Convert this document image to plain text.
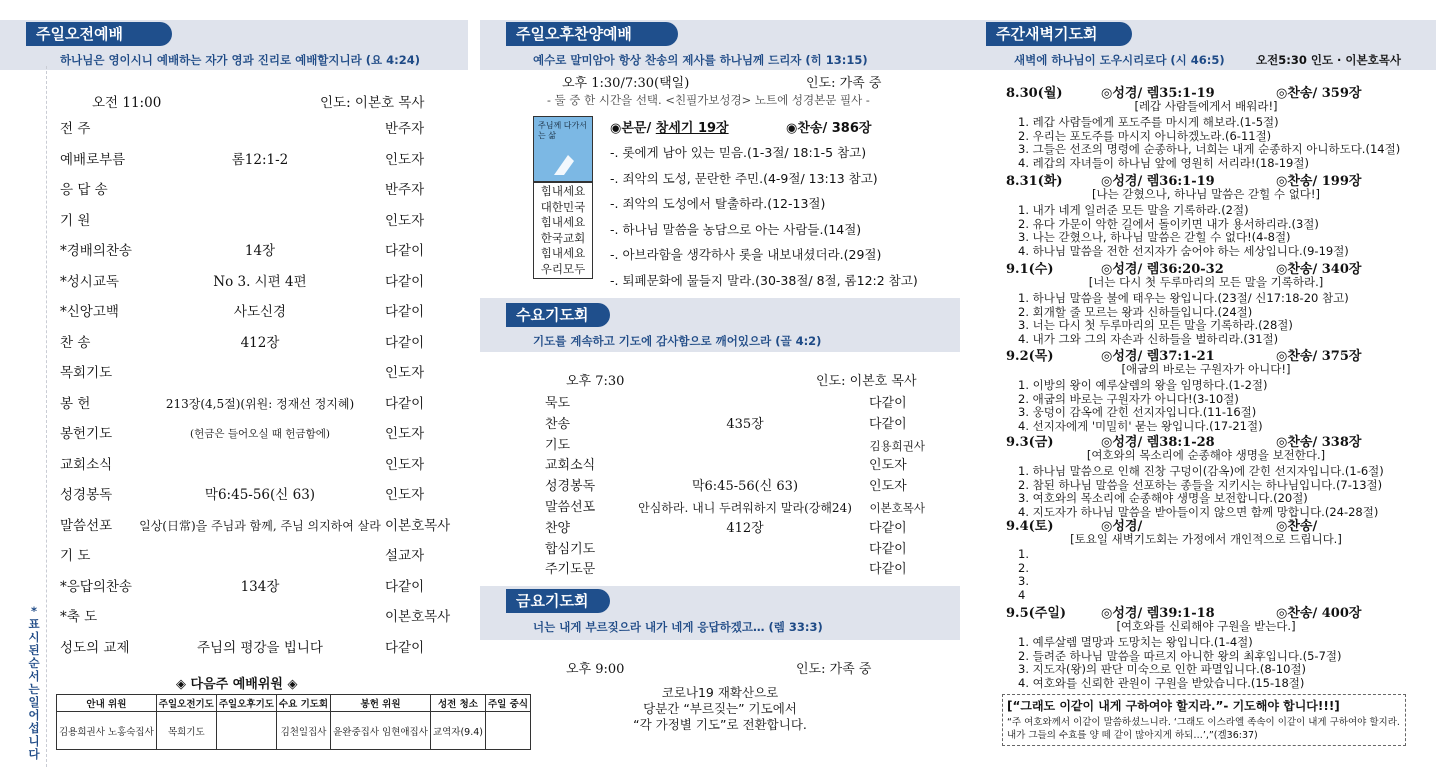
주일오전예배
하나님은 영이시니 예배하는 자가 영과 진리로 예배할지니라 (요 4:24)
오전 11:00	인도: 이본호 목사
전 주	반주자
예배로부름	롬12:1-2	인도자
응 답 송	반주자
기 원	인도자
*경배의찬송	14장	다같이
*성시교독	No 3. 시편 4편	다같이
*신앙고백	사도신경	다같이
찬 송	412장	다같이
목회기도	인도자
봉 헌	213장(4,5절)(위원: 정재선 정지혜)	다같이
봉헌기도	(헌금은 들어오실 때 헌금함에)	인도자
교회소식	인도자
성경봉독	막6:45-56(신 63)	인도자
말씀선포	일상(日常)을 주님과 함께, 주님 의지하여 살라 이본호목사
기 도	설교자
*응답의찬송	134장	다같이
*축 도	이본호목사
성도의 교제	주님의 평강을 빕니다	다같이
*표시된 순서는 일어섭니다
◈ 다음주 예배위원 ◈
안내 위원	주일오전기도	주일오후기도	수요 기도회	봉헌 위원	성전 청소	주일 중식
김용희권사 노홍숙집사	목희기도		김천일집사	윤완중집사 임현애집사	교역자(9.4)	
주일오후찬양예배
예수로 말미암아 항상 찬송의 제사를 하나님께 드리자 (히 13:15)
오후 1:30/7:30(택일)	인도: 가족 중
- 둘 중 한 시간을 선택. <친필가보성경> 노트에 성경본문 필사 -
주님께 다가서는 삶
힘내세요
대한민국
힘내세요
한국교회
힘내세요
우리모두
◉본문/ 창세기 19장	◉찬송/ 386장
-. 롯에게 남아 있는 믿음.(1-3절/ 18:1-5 참고)
-. 죄악의 도성, 문란한 주민.(4-9절/ 13:13 참고)
-. 죄악의 도성에서 탈출하라.(12-13절)
-. 하나님 말씀을 농담으로 아는 사람들.(14절)
-. 아브라함을 생각하사 롯을 내보내셨더라.(29절)
-. 퇴폐문화에 물들지 말라.(30-38절/ 8절, 롬12:2 참고)
수요기도회
기도를 계속하고 기도에 감사함으로 깨어있으라 (골 4:2)
오후 7:30	인도: 이본호 목사
묵도	다같이
찬송	435장	다같이
기도	김용희권사
교회소식	인도자
성경봉독	막6:45-56(신 63)	인도자
말씀선포	안심하라. 내니 두려워하지 말라(강해24)	이본호목사
찬양	412장	다같이
합심기도	다같이
주기도문	다같이
금요기도회
너는 내게 부르짖으라 내가 네게 응답하겠고… (렘 33:3)
오후 9:00	인도: 가족 중
코로나19 재확산으로
당분간 “부르짖는” 기도에서
“각 가정별 기도”로 전환합니다.
주간새벽기도회
새벽에 하나님이 도우시리로다 (시 46:5)	오전5:30 인도 · 이본호목사
8.30(월)	◎성경/ 렘35:1-19	◎찬송/ 359장
[레갑 사람들에게서 배워라!]
1. 레갑 사람들에게 포도주를 마시게 해보라.(1-5절)
2. 우리는 포도주를 마시지 아니하겠노라.(6-11절)
3. 그들은 선조의 명령에 순종하나, 너희는 내게 순종하지 아니하도다.(14절)
4. 레갑의 자녀들이 하나님 앞에 영원히 서리라!(18-19절)
8.31(화)	◎성경/ 렘36:1-19	◎찬송/ 199장
[나는 갇혔으나, 하나님 말씀은 갇힐 수 없다!]
1. 내가 네게 일러준 모든 말을 기록하라.(2절)
2. 유다 가문이 악한 길에서 돌이키면 내가 용서하리라.(3절)
3. 나는 갇혔으나, 하나님 말씀은 갇힐 수 없다!(4-8절)
4. 하나님 말씀을 전한 선지자가 숨어야 하는 세상입니다.(9-19절)
9.1(수)	◎성경/ 렘36:20-32	◎찬송/ 340장
[너는 다시 첫 두루마리의 모든 말을 기록하라.]
1. 하나님 말씀을 불에 태우는 왕입니다.(23절/ 신17:18-20 참고)
2. 회개할 줄 모르는 왕과 신하들입니다.(24절)
3. 너는 다시 첫 두루마리의 모든 말을 기록하라.(28절)
4. 내가 그와 그의 자손과 신하들을 벌하리라.(31절)
9.2(목)	◎성경/ 렘37:1-21	◎찬송/ 375장
[애굽의 바로는 구원자가 아니다!]
1. 이방의 왕이 예루살렘의 왕을 임명하다.(1-2절)
2. 애굽의 바로는 구원자가 아니다!(3-10절)
3. 웅덩이 감옥에 갇힌 선지자입니다.(11-16절)
4. 선지자에게 '미밀히' 묻는 왕입니다.(17-21절)
9.3(금)	◎성경/ 렘38:1-28	◎찬송/ 338장
[여호와의 목소리에 순종해야 생명을 보전한다.]
1. 하나님 말씀으로 인해 진창 구덩이(감옥)에 갇힌 선지자입니다.(1-6절)
2. 참된 하나님 말씀을 선포하는 종들을 지키시는 하나님입니다.(7-13절)
3. 여호와의 목소리에 순종해야 생명을 보전합니다.(20절)
4. 지도자가 하나님 말씀을 받아들이지 않으면 함께 망합니다.(24-28절)
9.4(토)	◎성경/	◎찬송/
[토요일 새벽기도회는 가정에서 개인적으로 드립니다.]
1.
2.
3.
4
9.5(주일)	◎성경/ 렘39:1-18	◎찬송/ 400장
[여호와를 신뢰해야 구원을 받는다.]
1. 예루살렘 멸망과 도망치는 왕입니다.(1-4절)
2. 들려준 하나님 말씀을 따르지 아니한 왕의 최후입니다.(5-7절)
3. 지도자(왕)의 판단 미숙으로 인한 파멸입니다.(8-10절)
4. 여호와를 신뢰한 관원이 구원을 받았습니다.(15-18절)
[“그래도 이같이 내게 구하여야 할지라.”- 기도해야 합니다!!!]
“주 여호와께서 이같이 말씀하셨느니라. ‘그래도 이스라엘 족속이 이같이 내게 구하여야 할지라. 내가 그들의 수효를 양 떼 같이 많아지게 하되…’,”(겔36:37)
